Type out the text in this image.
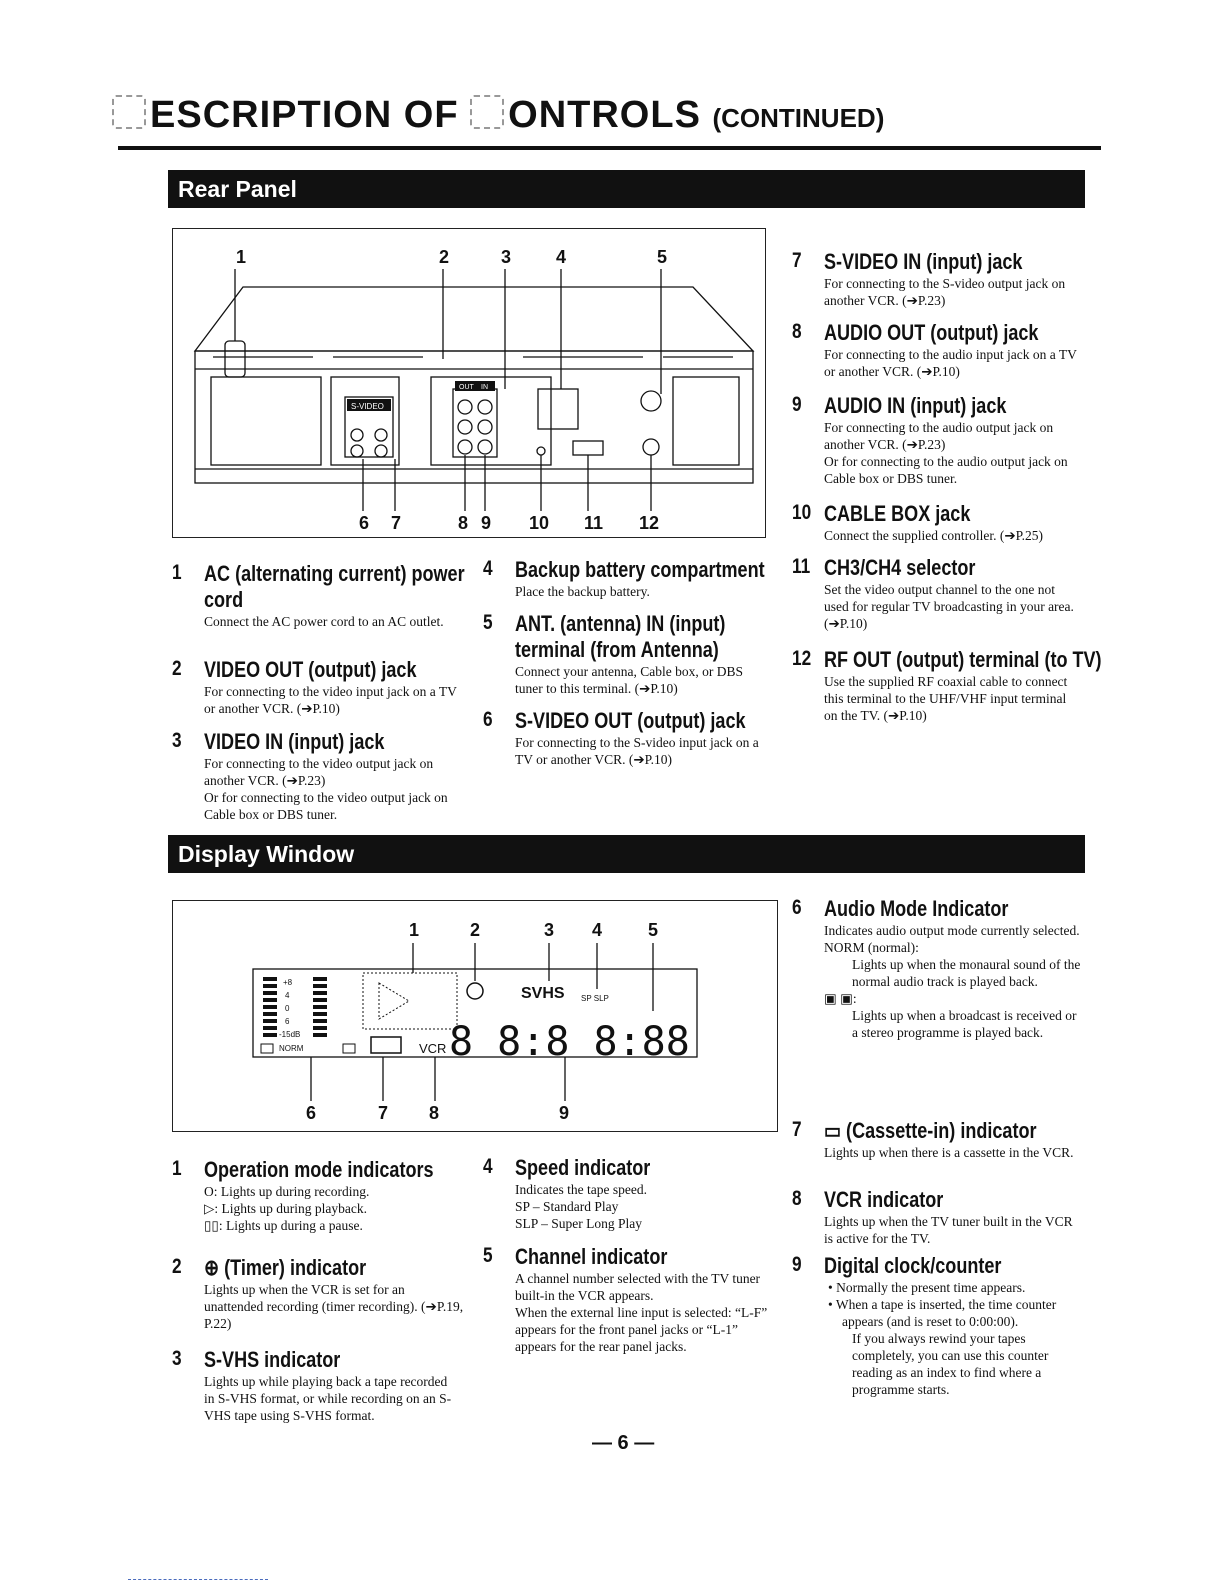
ESCRIPTION OF ONTROLS (CONTINUED)
Rear Panel
1	2	3 4	5
6 7	8 9 10 11 12
S-VIDEO
OUT IN
1 AC (alternating current) power cord

Connect the AC power cord to an AC outlet.

2 VIDEO OUT (output) jack

For connecting to the video input jack on a TV or another VCR. (➔P.10)

3 VIDEO IN (input) jack

For connecting to the video output jack on another VCR. (➔P.23)

Or for connecting to the video output jack on Cable box or DBS tuner.

4 Backup battery compartment

Place the backup battery.

5 ANT. (antenna) IN (input) terminal (from Antenna)

Connect your antenna, Cable box, or DBS tuner to this terminal. (➔P.10)

6 S-VIDEO OUT (output) jack

For connecting to the S-video input jack on a TV or another VCR. (➔P.10)

7 S-VIDEO IN (input) jack

For connecting to the S-video output jack on another VCR. (➔P.23)

8 AUDIO OUT (output) jack

For connecting to the audio input jack on a TV or another VCR. (➔P.10)

9 AUDIO IN (input) jack

For connecting to the audio output jack on another VCR. (➔P.23)

Or for connecting to the audio output jack on Cable box or DBS tuner.

10 CABLE BOX jack

Connect the supplied controller. (➔P.25)

11 CH3/CH4 selector

Set the video output channel to the one not used for regular TV broadcasting in your area. (➔P.10)

12 RF OUT (output) terminal (to TV)

Use the supplied RF coaxial cable to connect this terminal to the UHF/VHF input terminal on the TV. (➔P.10)

Display Window
1	2	3 4	5
6	7 8	9
+8
4
0
6
-15dB
NORM
SVHS SP SLP
VCR 8 8:8 8:88
1 Operation mode indicators

O: Lights up during recording.

▷: Lights up during playback.

▯▯: Lights up during a pause.

2 ⊕ (Timer) indicator

Lights up when the VCR is set for an unattended recording (timer recording). (➔P.19, P.22)

3 S-VHS indicator

Lights up while playing back a tape recorded in S-VHS format, or while recording on an S-VHS tape using S-VHS format.

4 Speed indicator

Indicates the tape speed.

SP – Standard Play

SLP – Super Long Play

5 Channel indicator

A channel number selected with the TV tuner built-in the VCR appears.

When the external line input is selected: “L-F” appears for the front panel jacks or “L-1” appears for the rear panel jacks.

6 Audio Mode Indicator

Indicates audio output mode currently selected.

NORM (normal):

Lights up when the monaural sound of the normal audio track is played back.

▣ ▣:

Lights up when a broadcast is received or a stereo programme is played back.

7 ▭ (Cassette-in) indicator

Lights up when there is a cassette in the VCR.

8 VCR indicator

Lights up when the TV tuner built in the VCR is active for the TV.

9 Digital clock/counter

• Normally the present time appears.

• When a tape is inserted, the time counter appears (and is reset to 0:00:00).

If you always rewind your tapes completely, you can use this counter reading as an index to find where a programme starts.

— 6 —
